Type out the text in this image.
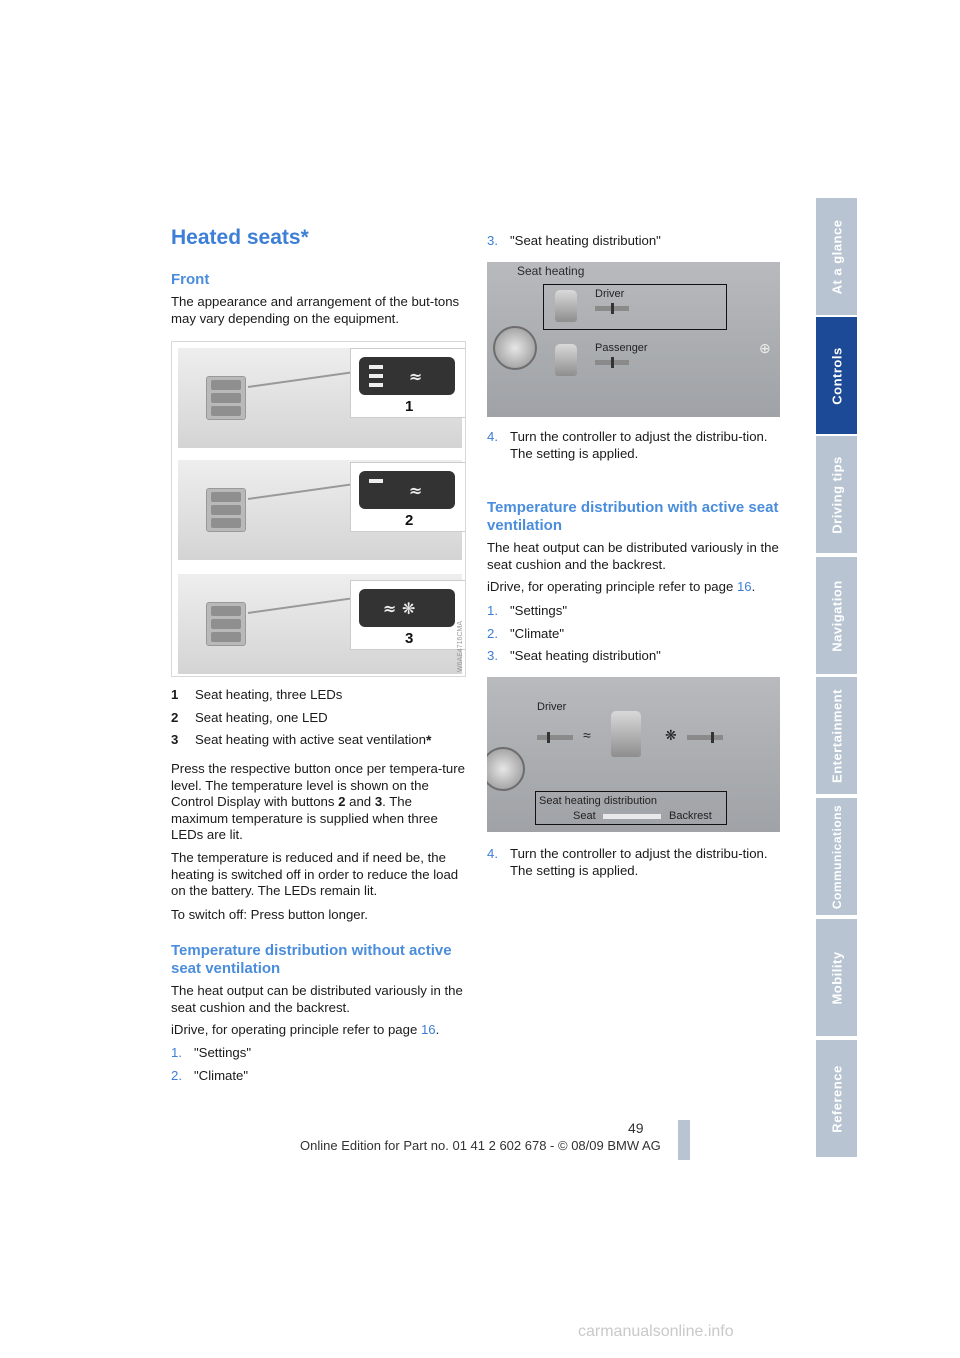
Heated seats*
Front

The appearance and arrangement of the but-tons may vary depending on the equipment.

≈
1
≈
2
≈ ❋
3	W6AE4716CMA
1	Seat heating, three LEDs
2	Seat heating, one LED
3	Seat heating with active seat ventilation *

Press the respective button once per tempera-ture level. The temperature level is shown on the Control Display with buttons 2 and 3. The maximum temperature is supplied when three LEDs are lit.

The temperature is reduced and if need be, the heating is switched off in order to reduce the load on the battery. The LEDs remain lit.

To switch off: Press button longer.

Temperature distribution without active seat ventilation

The heat output can be distributed variously in the seat cushion and the backrest.

iDrive, for operating principle refer to page 16.

1. "Settings"
2. "Climate"
3. "Seat heating distribution"
Seat heating
Driver
Passenger	⊕
4. Turn the controller to adjust the distribu-tion.
The setting is applied.
Temperature distribution with active seat ventilation

The heat output can be distributed variously in the seat cushion and the backrest.

iDrive, for operating principle refer to page 16.

1. "Settings"
2. "Climate"
3. "Seat heating distribution"
Driver
≈	❋
Seat heating distribution
Seat	Backrest
4. Turn the controller to adjust the distribu-tion.
The setting is applied.
At a glance
Controls
Driving tips
Navigation
Entertainment
Communications
Mobility
Reference
49
Online Edition for Part no. 01 41 2 602 678 - © 08/09 BMW AG
carmanualsonline.info
